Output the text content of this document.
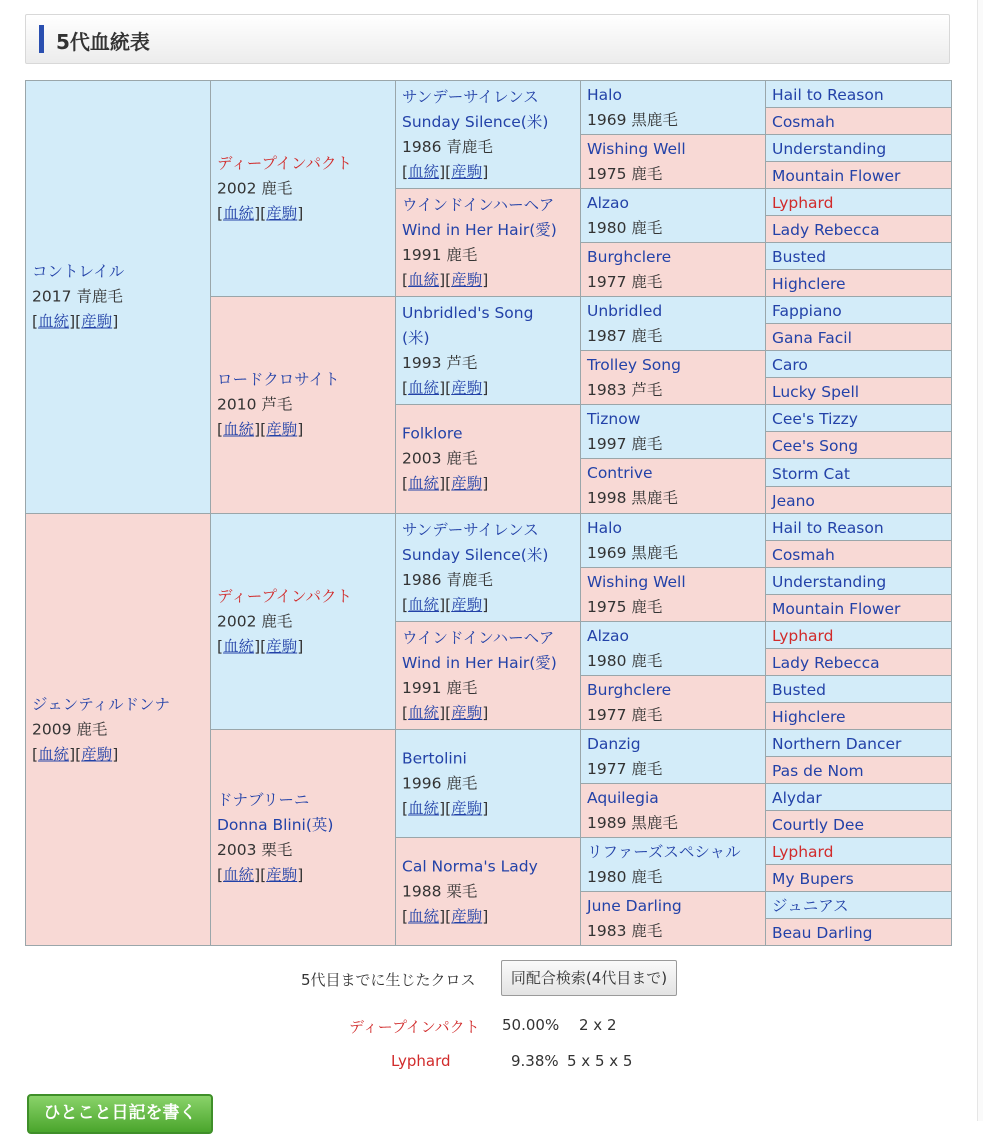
5代血統表
コントレイル
2017 青鹿毛
[血統][産駒]
ジェンティルドンナ
2009 鹿毛
[血統][産駒]
ディープインパクト
2002 鹿毛
[血統][産駒]
ロードクロサイト
2010 芦毛
[血統][産駒]
ディープインパクト
2002 鹿毛
[血統][産駒]
ドナブリーニ
Donna Blini(英)
2003 栗毛
[血統][産駒]
サンデーサイレンス
Sunday Silence(米)
1986 青鹿毛
[血統][産駒]
ウインドインハーヘア
Wind in Her Hair(愛)
1991 鹿毛
[血統][産駒]
Unbridled's Song
(米)
1993 芦毛
[血統][産駒]
Folklore
2003 鹿毛
[血統][産駒]
サンデーサイレンス
Sunday Silence(米)
1986 青鹿毛
[血統][産駒]
ウインドインハーヘア
Wind in Her Hair(愛)
1991 鹿毛
[血統][産駒]
Bertolini
1996 鹿毛
[血統][産駒]
Cal Norma's Lady
1988 栗毛
[血統][産駒]
Halo
1969 黒鹿毛
Wishing Well
1975 鹿毛
Alzao
1980 鹿毛
Burghclere
1977 鹿毛
Unbridled
1987 鹿毛
Trolley Song
1983 芦毛
Tiznow
1997 鹿毛
Contrive
1998 黒鹿毛
Halo
1969 黒鹿毛
Wishing Well
1975 鹿毛
Alzao
1980 鹿毛
Burghclere
1977 鹿毛
Danzig
1977 鹿毛
Aquilegia
1989 黒鹿毛
リファーズスペシャル
1980 鹿毛
June Darling
1983 鹿毛
Hail to Reason
Cosmah
Understanding
Mountain Flower
Lyphard
Lady Rebecca
Busted
Highclere
Fappiano
Gana Facil
Caro
Lucky Spell
Cee's Tizzy
Cee's Song
Storm Cat
Jeano
Hail to Reason
Cosmah
Understanding
Mountain Flower
Lyphard
Lady Rebecca
Busted
Highclere
Northern Dancer
Pas de Nom
Alydar
Courtly Dee
Lyphard
My Bupers
ジュニアス
Beau Darling
5代目までに生じたクロス	同配合検索(4代目まで)
ディープインパクト 50.00% 2 x 2
Lyphard	9.38% 5 x 5 x 5
ひとこと日記を書く
